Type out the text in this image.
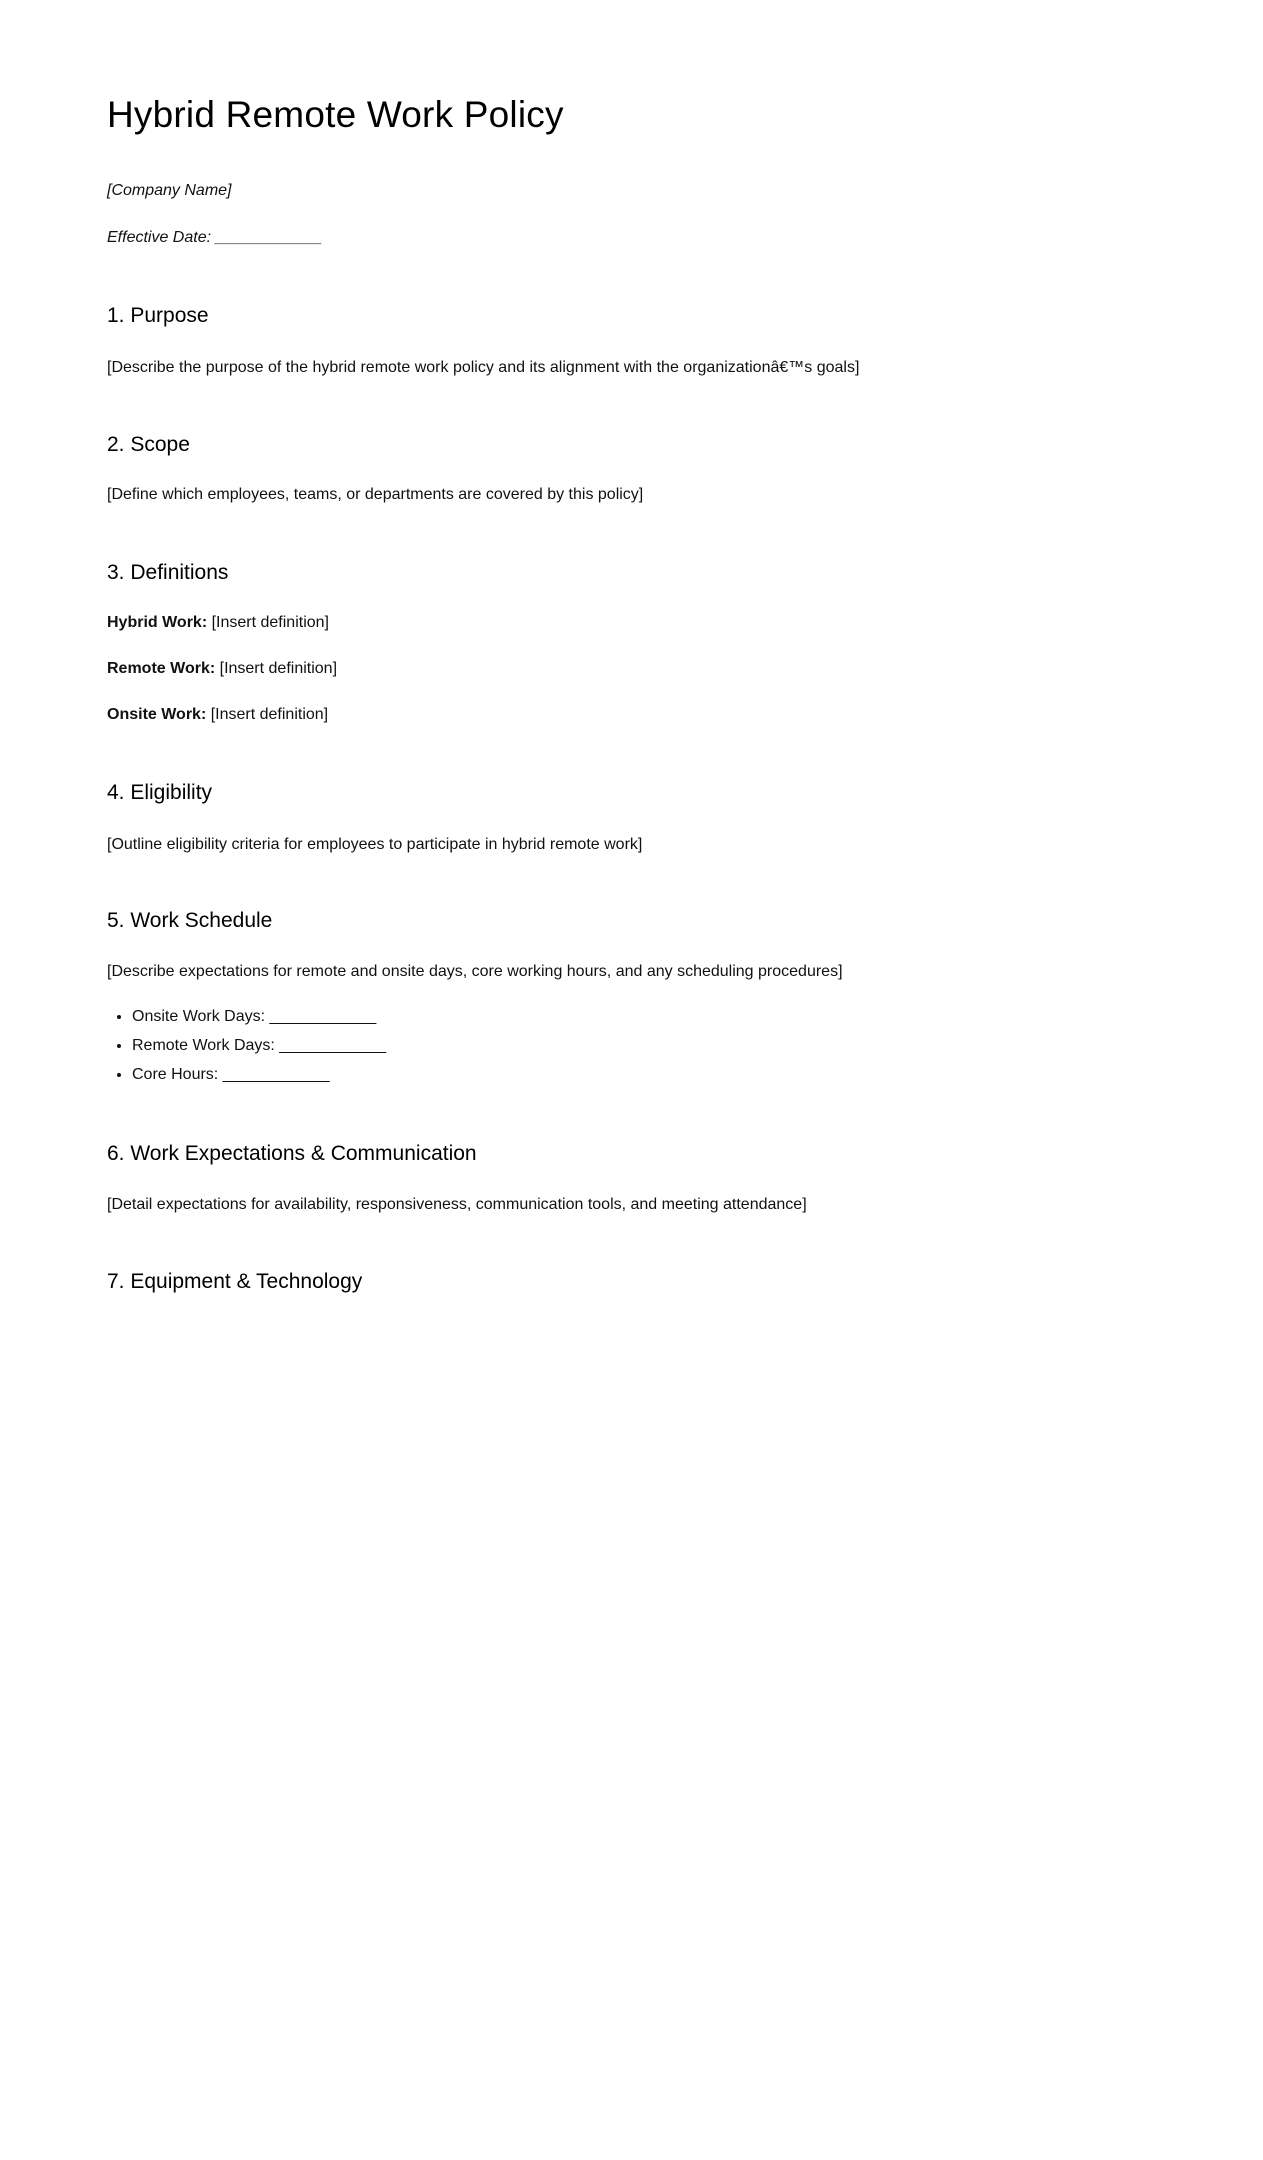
Hybrid Remote Work Policy

[Company Name]

Effective Date: ____________

1. Purpose

[Describe the purpose of the hybrid remote work policy and its alignment with the organizationâ€™s goals]

2. Scope

[Define which employees, teams, or departments are covered by this policy]

3. Definitions

Hybrid Work: [Insert definition]

Remote Work: [Insert definition]

Onsite Work: [Insert definition]

4. Eligibility

[Outline eligibility criteria for employees to participate in hybrid remote work]

5. Work Schedule

[Describe expectations for remote and onsite days, core working hours, and any scheduling procedures]

• Onsite Work Days: ____________
• Remote Work Days: ____________
• Core Hours: ____________
6. Work Expectations & Communication

[Detail expectations for availability, responsiveness, communication tools, and meeting attendance]

7. Equipment & Technology
